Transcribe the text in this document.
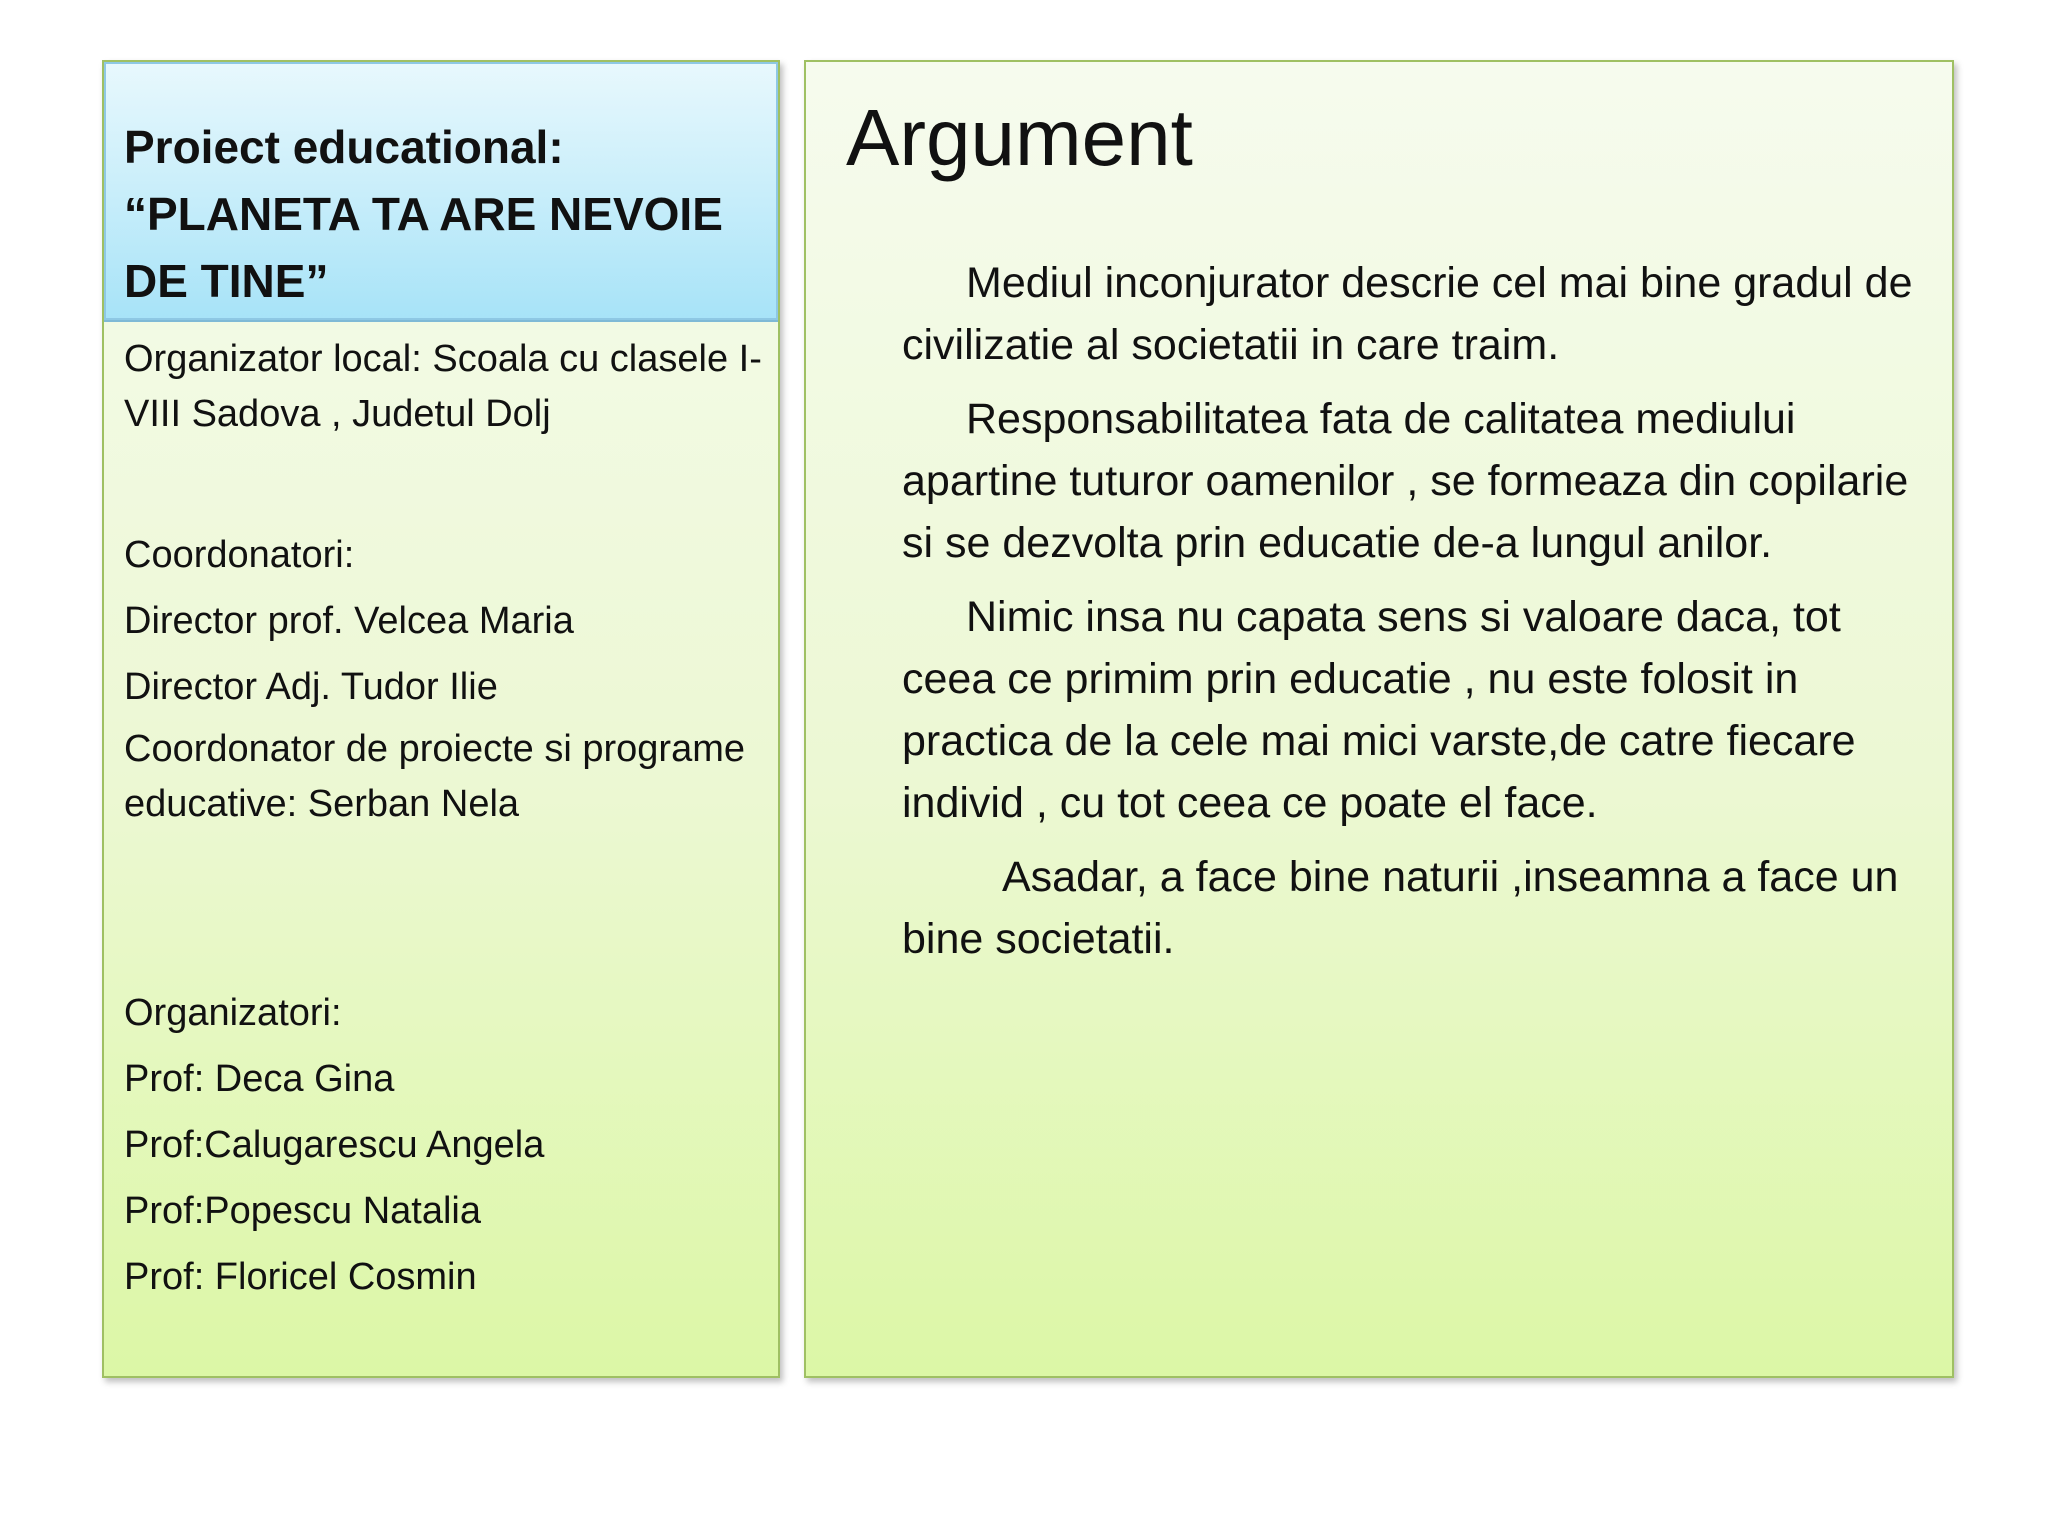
Proiect educational:

“PLANETA TA ARE NEVOIE

DE TINE”

Organizator local: Scoala cu clasele I-VIII Sadova , Judetul Dolj

Coordonatori:

Director prof. Velcea Maria

Director Adj. Tudor Ilie

Coordonator de proiecte si programe educative: Serban Nela

Organizatori:

Prof: Deca Gina

Prof:Calugarescu Angela

Prof:Popescu Natalia

Prof: Floricel Cosmin

Argument

Mediul inconjurator descrie cel mai bine gradul de civilizatie al societatii in care traim.

Responsabilitatea fata de calitatea mediului apartine tuturor oamenilor , se formeaza din copilarie si se dezvolta prin educatie de-a lungul anilor.

Nimic insa nu capata sens si valoare daca, tot ceea ce primim prin educatie , nu este folosit in practica de la cele mai mici varste,de catre fiecare individ , cu tot ceea ce poate el face.

Asadar, a face bine naturii ,inseamna a face un bine societatii.
